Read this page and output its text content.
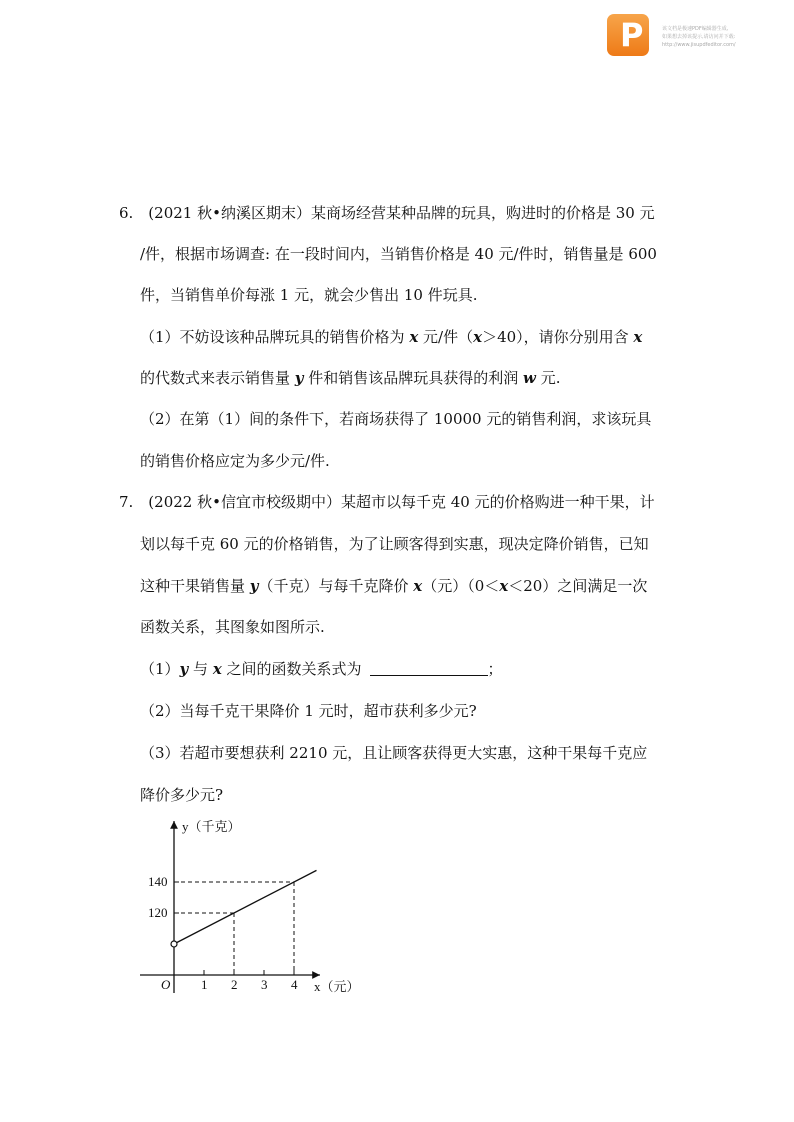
P	该文档是极速PDF编辑器生成,
如果想去掉该提示,请访问并下载:
http://www.jisupdfeditor.com/
6.　(2021 秋•纳溪区期末）某商场经营某种品牌的玩具，购进时的价格是 30 元
/件，根据市场调查: 在一段时间内，当销售价格是 40 元/件时，销售量是 600
件，当销售单价每涨 1 元，就会少售出 10 件玩具.
（1）不妨设该种品牌玩具的销售价格为 x 元/件（x＞40），请你分别用含 x
的代数式来表示销售量 y 件和销售该品牌玩具获得的利润 w 元.
（2）在第（1）间的条件下，若商场获得了 10000 元的销售利润，求该玩具
的销售价格应定为多少元/件.
7.　(2022 秋•信宜市校级期中）某超市以每千克 40 元的价格购进一种干果，计
划以每千克 60 元的价格销售，为了让顾客得到实惠，现决定降价销售，已知
这种干果销售量 y（千克）与每千克降价 x（元）（0＜x＜20）之间满足一次
函数关系，其图象如图所示.
（1）y 与 x 之间的函数关系式为	；
（2）当每千克干果降价 1 元时，超市获利多少元?
（3）若超市要想获利 2210 元，且让顾客获得更大实惠，这种干果每千克应
降价多少元?
1 2 3 4
120
140
y（千克）
x（元）
O
